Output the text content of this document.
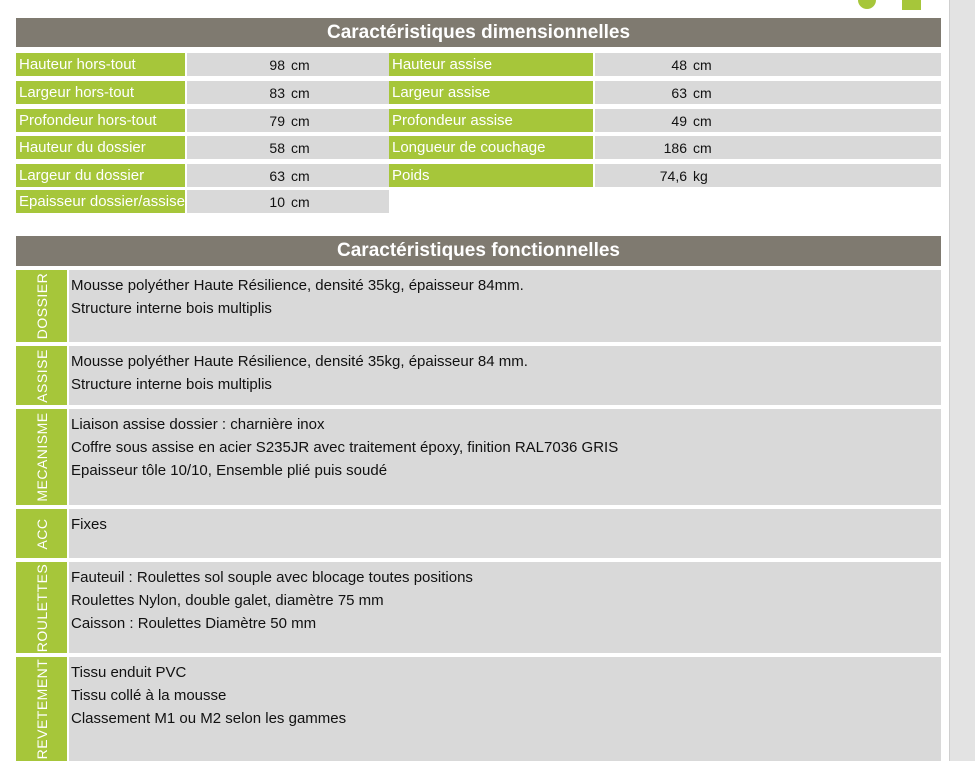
Caractéristiques dimensionnelles
Hauteur hors-tout	98 cm
Largeur hors-tout	83 cm
Profondeur hors-tout	79 cm
Hauteur du dossier	58 cm
Largeur du dossier	63 cm
Epaisseur dossier/assise	10 cm
Hauteur assise	48 cm
Largeur assise	63 cm
Profondeur assise	49 cm
Longueur de couchage	186 cm
Poids	74,6 kg
Caractéristiques fonctionnelles
DOSSIER Mousse polyéther Haute Résilience, densité 35kg, épaisseur 84mm.
Structure interne bois multiplis
ASSISE Mousse polyéther Haute Résilience, densité 35kg, épaisseur 84 mm.
Structure interne bois multiplis
MECANISME Liaison assise dossier : charnière inox
Coffre sous assise en acier S235JR avec traitement époxy, finition RAL7036 GRIS
Epaisseur tôle 10/10, Ensemble plié puis soudé
ACC Fixes
ROULETTES Fauteuil : Roulettes sol souple avec blocage toutes positions
Roulettes Nylon, double galet, diamètre 75 mm
Caisson : Roulettes Diamètre 50 mm
REVETEMENT Tissu enduit PVC
Tissu collé à la mousse
Classement M1 ou M2 selon les gammes
